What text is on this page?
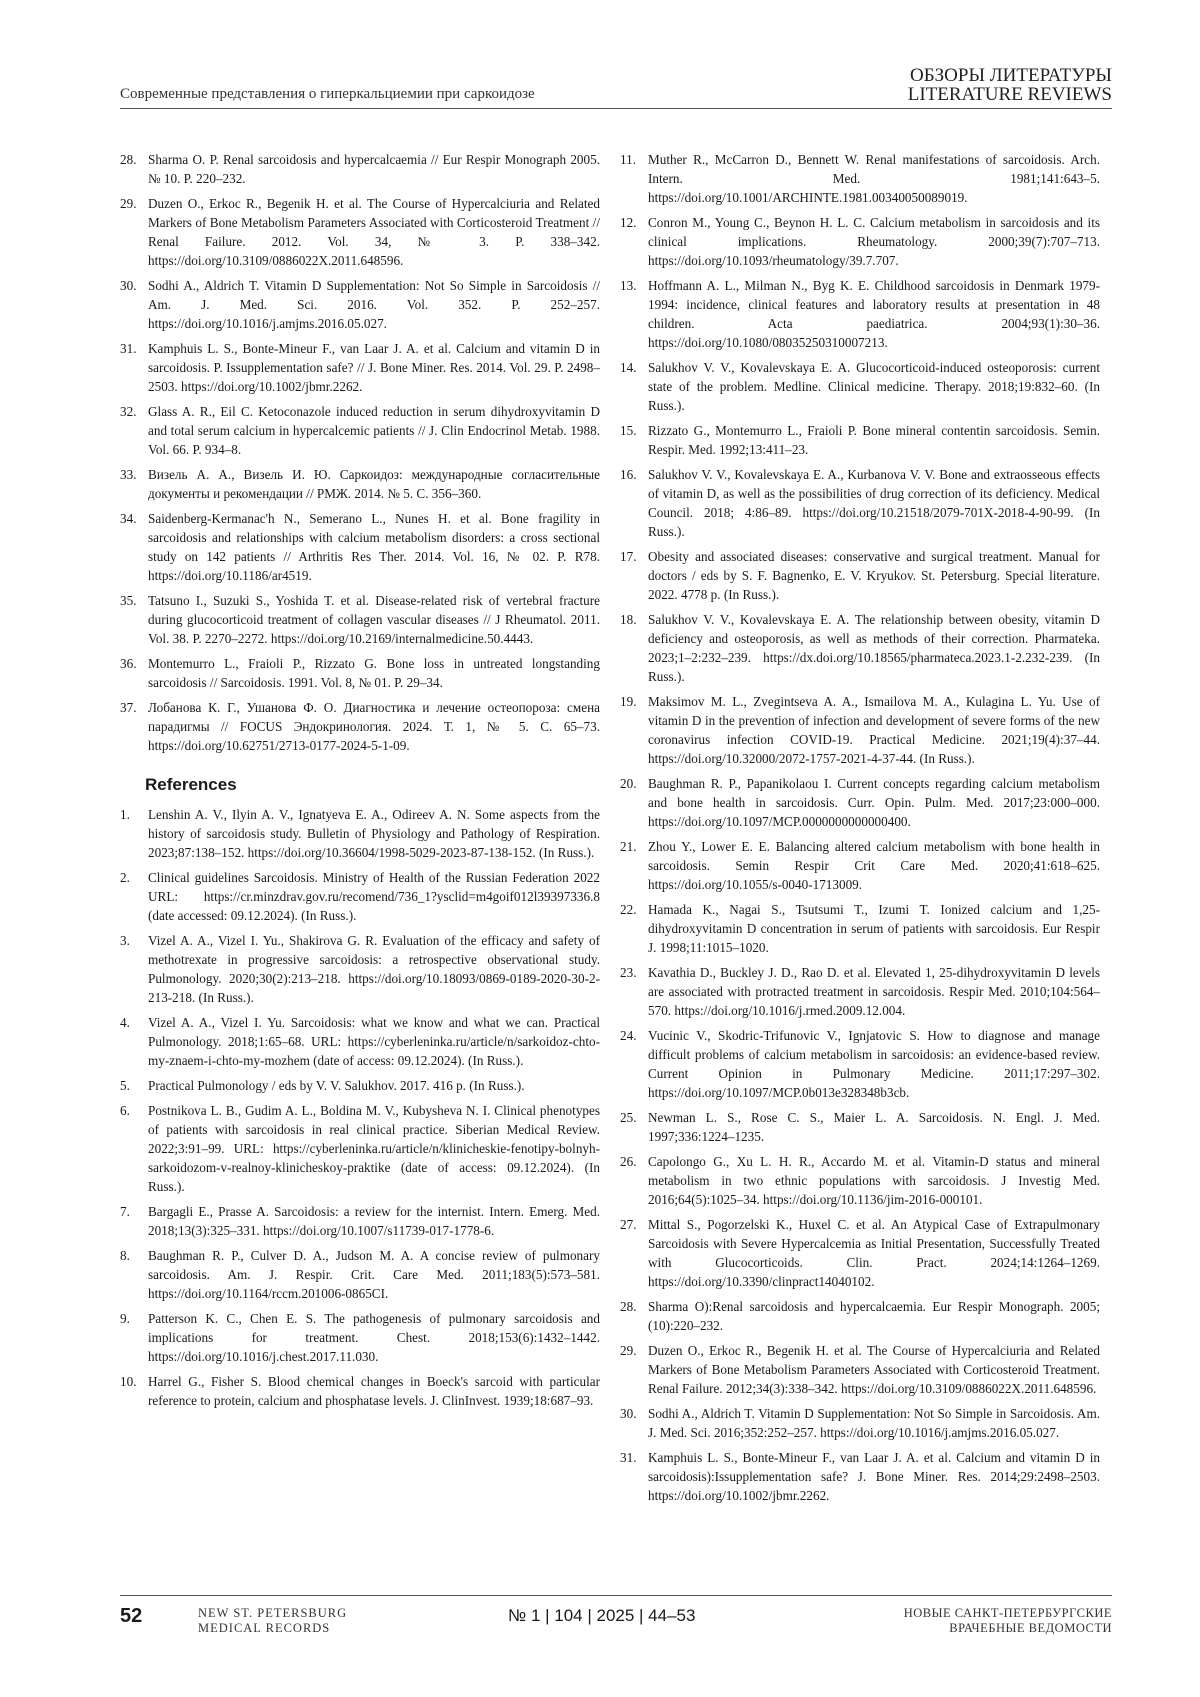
Современные представления о гиперкальциемии при саркоидозе
ОБЗОРЫ ЛИТЕРАТУРЫ
LITERATURE REVIEWS
28. Sharma O. P. Renal sarcoidosis and hypercalcaemia // Eur Respir Monograph 2005. № 10. P. 220–232.
29. Duzen O., Erkoc R., Begenik H. et al. The Course of Hypercalciuria and Related Markers of Bone Metabolism Parameters Associated with Corticosteroid Treatment // Renal Failure. 2012. Vol. 34, № 3. P. 338–342. https://doi.org/10.3109/0886022X.2011.648596.
30. Sodhi A., Aldrich T. Vitamin D Supplementation: Not So Simple in Sarcoidosis // Am. J. Med. Sci. 2016. Vol. 352. P. 252–257. https://doi.org/10.1016/j.amjms.2016.05.027.
31. Kamphuis L. S., Bonte-Mineur F., van Laar J. A. et al. Calcium and vitamin D in sarcoidosis. P. Issupplementation safe? // J. Bone Miner. Res. 2014. Vol. 29. P. 2498–2503. https://doi.org/10.1002/jbmr.2262.
32. Glass A. R., Eil C. Ketoconazole induced reduction in serum dihydroxyvitamin D and total serum calcium in hypercalcemic patients // J. Clin Endocrinol Metab. 1988. Vol. 66. P. 934–8.
33. Визель А. А., Визель И. Ю. Саркоидоз: международные согласительные документы и рекомендации // РМЖ. 2014. № 5. С. 356–360.
34. Saidenberg-Kermanac'h N., Semerano L., Nunes H. et al. Bone fragility in sarcoidosis and relationships with calcium metabolism disorders: a cross sectional study on 142 patients // Arthritis Res Ther. 2014. Vol. 16, № 02. P. R78. https://doi.org/10.1186/ar4519.
35. Tatsuno I., Suzuki S., Yoshida T. et al. Disease-related risk of vertebral fracture during glucocorticoid treatment of collagen vascular diseases // J Rheumatol. 2011. Vol. 38. P. 2270–2272. https://doi.org/10.2169/internalmedicine.50.4443.
36. Montemurro L., Fraioli P., Rizzato G. Bone loss in untreated longstanding sarcoidosis // Sarcoidosis. 1991. Vol. 8, № 01. P. 29–34.
37. Лобанова К. Г., Ушанова Ф. О. Диагностика и лечение остеопороза: смена парадигмы // FOCUS Эндокринология. 2024. Т. 1, № 5. С. 65–73. https://doi.org/10.62751/2713-0177-2024-5-1-09.
References
1. Lenshin A. V., Ilyin A. V., Ignatyeva E. A., Odireev A. N. Some aspects from the history of sarcoidosis study. Bulletin of Physiology and Pathology of Respiration. 2023;87:138–152. https://doi.org/10.36604/1998-5029-2023-87-138-152. (In Russ.).
2. Clinical guidelines Sarcoidosis. Ministry of Health of the Russian Federation 2022 URL: https://cr.minzdrav.gov.ru/recomend/736_1?ysclid=m4goif012l39397336.8 (date accessed: 09.12.2024). (In Russ.).
3. Vizel A. A., Vizel I. Yu., Shakirova G. R. Evaluation of the efficacy and safety of methotrexate in progressive sarcoidosis: a retrospective observational study. Pulmonology. 2020;30(2):213–218. https://doi.org/10.18093/0869-0189-2020-30-2-213-218. (In Russ.).
4. Vizel A. A., Vizel I. Yu. Sarcoidosis: what we know and what we can. Practical Pulmonology. 2018;1:65–68. URL: https://cyberleninka.ru/article/n/sarkoidoz-chto-my-znaem-i-chto-my-mozhem (date of access: 09.12.2024). (In Russ.).
5. Practical Pulmonology / eds by V. V. Salukhov. 2017. 416 p. (In Russ.).
6. Postnikova L. B., Gudim A. L., Boldina M. V., Kubysheva N. I. Clinical phenotypes of patients with sarcoidosis in real clinical practice. Siberian Medical Review. 2022;3:91–99. URL: https://cyberleninka.ru/article/n/klinicheskie-fenotipy-bolnyh-sarkoidozom-v-realnoy-klinicheskoy-praktike (date of access: 09.12.2024). (In Russ.).
7. Bargagli E., Prasse A. Sarcoidosis: a review for the internist. Intern. Emerg. Med. 2018;13(3):325–331. https://doi.org/10.1007/s11739-017-1778-6.
8. Baughman R. P., Culver D. A., Judson M. A. A concise review of pulmonary sarcoidosis. Am. J. Respir. Crit. Care Med. 2011;183(5):573–581. https://doi.org/10.1164/rccm.201006-0865CI.
9. Patterson K. C., Chen E. S. The pathogenesis of pulmonary sarcoidosis and implications for treatment. Chest. 2018;153(6):1432–1442. https://doi.org/10.1016/j.chest.2017.11.030.
10. Harrel G., Fisher S. Blood chemical changes in Boeck's sarcoid with particular reference to protein, calcium and phosphatase levels. J. ClinInvest. 1939;18:687–93.
11. Muther R., McCarron D., Bennett W. Renal manifestations of sarcoidosis. Arch. Intern. Med. 1981;141:643–5. https://doi.org/10.1001/ARCHINTE.1981.00340050089019.
12. Conron M., Young C., Beynon H. L. C. Calcium metabolism in sarcoidosis and its clinical implications. Rheumatology. 2000;39(7):707–713. https://doi.org/10.1093/rheumatology/39.7.707.
13. Hoffmann A. L., Milman N., Byg K. E. Childhood sarcoidosis in Denmark 1979-1994: incidence, clinical features and laboratory results at presentation in 48 children. Acta paediatrica. 2004;93(1):30–36. https://doi.org/10.1080/08035250310007213.
14. Salukhov V. V., Kovalevskaya E. A. Glucocorticoid-induced osteoporosis: current state of the problem. Medline. Clinical medicine. Therapy. 2018;19:832–60. (In Russ.).
15. Rizzato G., Montemurro L., Fraioli P. Bone mineral contentin sarcoidosis. Semin. Respir. Med. 1992;13:411–23.
16. Salukhov V. V., Kovalevskaya E. A., Kurbanova V. V. Bone and extraosseous effects of vitamin D, as well as the possibilities of drug correction of its deficiency. Medical Council. 2018; 4:86–89. https://doi.org/10.21518/2079-701X-2018-4-90-99. (In Russ.).
17. Obesity and associated diseases: conservative and surgical treatment. Manual for doctors / eds by S. F. Bagnenko, E. V. Kryukov. St. Petersburg. Special literature. 2022. 4778 p. (In Russ.).
18. Salukhov V. V., Kovalevskaya E. A. The relationship between obesity, vitamin D deficiency and osteoporosis, as well as methods of their correction. Pharmateka. 2023;1–2:232–239. https://dx.doi.org/10.18565/pharmateca.2023.1-2.232-239. (In Russ.).
19. Maksimov M. L., Zvegintseva A. A., Ismailova M. A., Kulagina L. Yu. Use of vitamin D in the prevention of infection and development of severe forms of the new coronavirus infection COVID-19. Practical Medicine. 2021;19(4):37–44. https://doi.org/10.32000/2072-1757-2021-4-37-44. (In Russ.).
20. Baughman R. P., Papanikolaou I. Current concepts regarding calcium metabolism and bone health in sarcoidosis. Curr. Opin. Pulm. Med. 2017;23:000–000. https://doi.org/10.1097/MCP.0000000000000400.
21. Zhou Y., Lower E. E. Balancing altered calcium metabolism with bone health in sarcoidosis. Semin Respir Crit Care Med. 2020;41:618–625. https://doi.org/10.1055/s-0040-1713009.
22. Hamada K., Nagai S., Tsutsumi T., Izumi T. Ionized calcium and 1,25-dihydroxyvitamin D concentration in serum of patients with sarcoidosis. Eur Respir J. 1998;11:1015–1020.
23. Kavathia D., Buckley J. D., Rao D. et al. Elevated 1, 25-dihydroxyvitamin D levels are associated with protracted treatment in sarcoidosis. Respir Med. 2010;104:564–570. https://doi.org/10.1016/j.rmed.2009.12.004.
24. Vucinic V., Skodric-Trifunovic V., Ignjatovic S. How to diagnose and manage difficult problems of calcium metabolism in sarcoidosis: an evidence-based review. Current Opinion in Pulmonary Medicine. 2011;17:297–302. https://doi.org/10.1097/MCP.0b013e328348b3cb.
25. Newman L. S., Rose C. S., Maier L. A. Sarcoidosis. N. Engl. J. Med. 1997;336:1224–1235.
26. Capolongo G., Xu L. H. R., Accardo M. et al. Vitamin-D status and mineral metabolism in two ethnic populations with sarcoidosis. J Investig Med. 2016;64(5):1025–34. https://doi.org/10.1136/jim-2016-000101.
27. Mittal S., Pogorzelski K., Huxel C. et al. An Atypical Case of Extrapulmonary Sarcoidosis with Severe Hypercalcemia as Initial Presentation, Successfully Treated with Glucocorticoids. Clin. Pract. 2024;14:1264–1269. https://doi.org/10.3390/clinpract14040102.
28. Sharma O):Renal sarcoidosis and hypercalcaemia. Eur Respir Monograph. 2005;(10):220–232.
29. Duzen O., Erkoc R., Begenik H. et al. The Course of Hypercalciuria and Related Markers of Bone Metabolism Parameters Associated with Corticosteroid Treatment. Renal Failure. 2012;34(3):338–342. https://doi.org/10.3109/0886022X.2011.648596.
30. Sodhi A., Aldrich T. Vitamin D Supplementation: Not So Simple in Sarcoidosis. Am. J. Med. Sci. 2016;352:252–257. https://doi.org/10.1016/j.amjms.2016.05.027.
31. Kamphuis L. S., Bonte-Mineur F., van Laar J. A. et al. Calcium and vitamin D in sarcoidosis):Issupplementation safe? J. Bone Miner. Res. 2014;29:2498–2503. https://doi.org/10.1002/jbmr.2262.
52	NEW ST. PETERSBURG
MEDICAL RECORDS
№ 1 | 104 | 2025 | 44–53	НОВЫЕ САНКТ-ПЕТЕРБУРГСКИЕ
ВРАЧЕБНЫЕ ВЕДОМОСТИ
